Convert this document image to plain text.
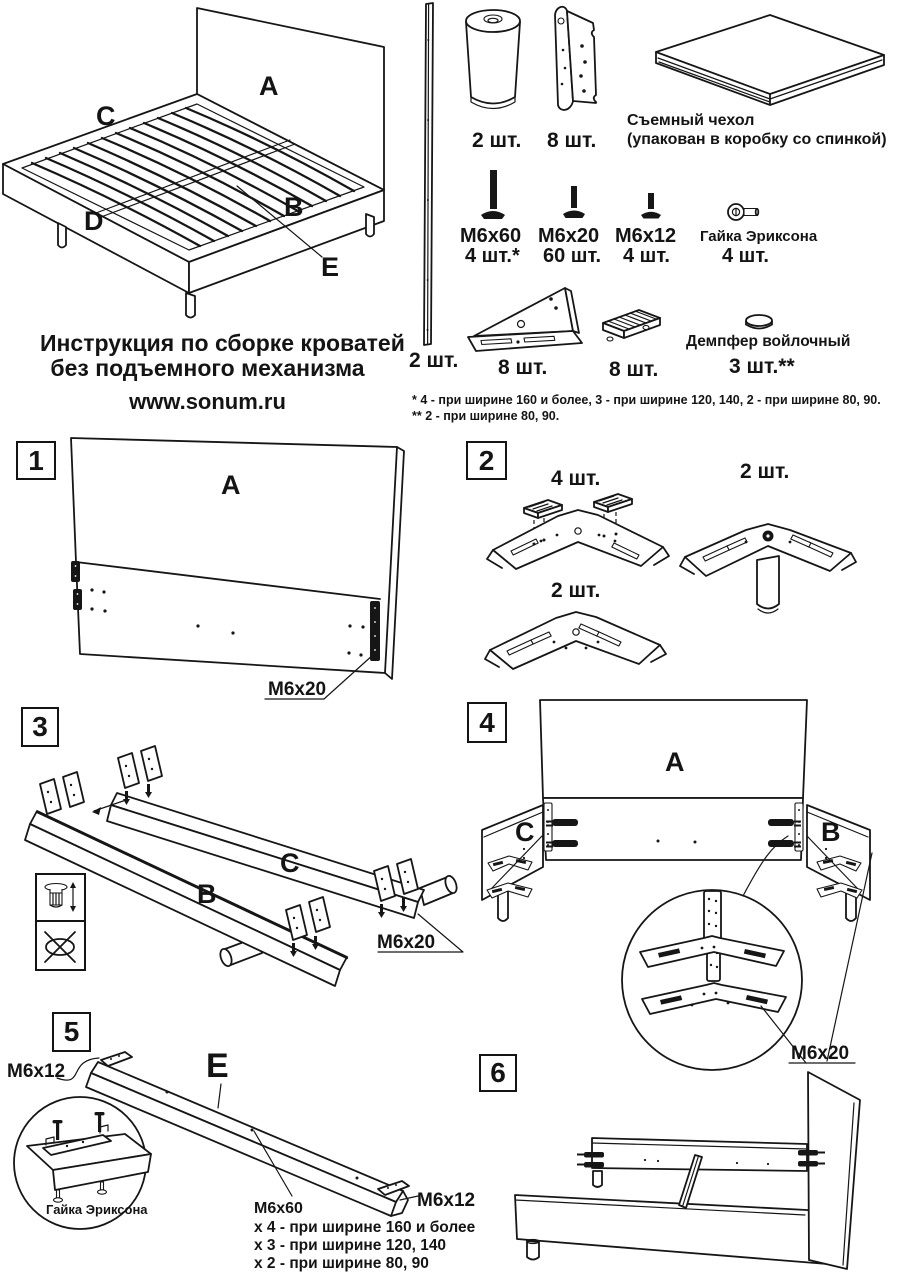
A
C
D	B
E
Инструкция по сборке кроватей
без подъемного механизма
www.sonum.ru
2 шт.
2 шт. 8 шт.
Съемный чехол
(упакован в коробку со спинкой)
M6x60
4 шт.*
M6x20
60 шт.
M6x12
4 шт.
Гайка Эриксона
4 шт.
8 шт.	8 шт.
Демпфер войлочный
3 шт.**
* 4 - при ширине 160 и более, 3 - при ширине 120, 140, 2 - при ширине 80, 90.
** 2 - при ширине 80, 90.
1
A
M6x20
2
4 шт.	2 шт.
2 шт.
3
B
C
M6x20
4
A
C	B
M6x20
5
M6x12	E
Гайка Эриксона	M6x60
x 4 - при ширине 160 и более
x 3 - при ширине 120, 140
x 2 - при ширине 80, 90
M6x12
6
